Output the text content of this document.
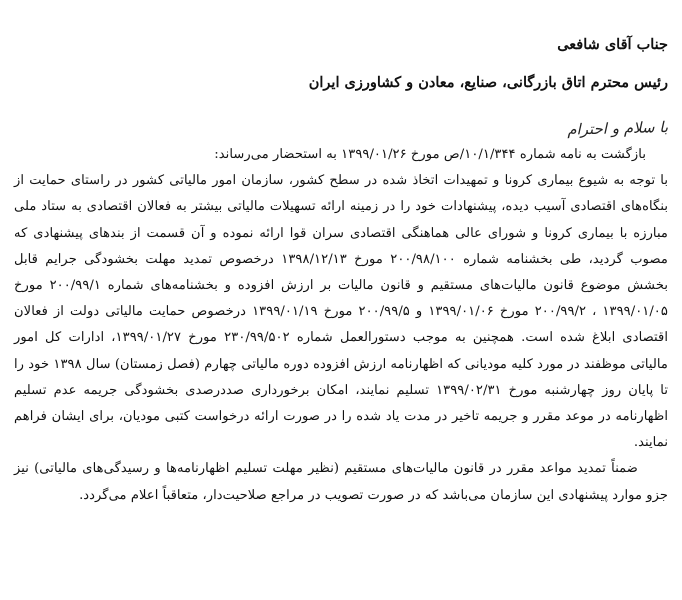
جناب آقای شافعی
رئیس محترم اتاق بازرگانی، صنایع، معادن و کشاورزی ایران
با سلام و احترام

بازگشت به نامه شماره ۱۰/۱/۳۴۴/ص مورخ ۱۳۹۹/۰۱/۲۶ به استحضار می‌رساند:

با توجه به شیوع بیماری کرونا و تمهیدات اتخاذ شده در سطح کشور، سازمان امور مالیاتی کشور در راستای حمایت از بنگاه‌های اقتصادی آسیب دیده، پیشنهادات خود را در زمینه ارائه تسهیلات مالیاتی بیشتر به فعالان اقتصادی به ستاد ملی مبارزه با بیماری کرونا و شورای عالی هماهنگی اقتصادی سران قوا ارائه نموده و آن قسمت از بندهای پیشنهادی که مصوب گردید، طی بخشنامه شماره ۲۰۰/۹۸/۱۰۰ مورخ ۱۳۹۸/۱۲/۱۳ درخصوص تمدید مهلت بخشودگی جرایم قابل بخشش موضوع قانون مالیات‌های مستقیم و قانون مالیات بر ارزش افزوده و بخشنامه‌های شماره ۲۰۰/۹۹/۱ مورخ ۱۳۹۹/۰۱/۰۵ ، ۲۰۰/۹۹/۲ مورخ ۱۳۹۹/۰۱/۰۶ و ۲۰۰/۹۹/۵ مورخ ۱۳۹۹/۰۱/۱۹ درخصوص حمایت مالیاتی دولت از فعالان اقتصادی ابلاغ شده است. همچنین به موجب دستورالعمل شماره ۲۳۰/۹۹/۵۰۲ مورخ ۱۳۹۹/۰۱/۲۷، ادارات کل امور مالیاتی موظفند در مورد کلیه مودیانی که اظهارنامه ارزش افزوده دوره مالیاتی چهارم (فصل زمستان) سال ۱۳۹۸ خود را تا پایان روز چهارشنبه مورخ ۱۳۹۹/۰۲/۳۱ تسلیم نمایند، امکان برخورداری صددرصدی بخشودگی جریمه عدم تسلیم اظهارنامه در موعد مقرر و جریمه تاخیر در مدت یاد شده را در صورت ارائه درخواست کتبی مودیان، برای ایشان فراهم نمایند.

ضمناً تمدید مواعد مقرر در قانون مالیات‌های مستقیم (نظیر مهلت تسلیم اظهارنامه‌ها و رسیدگی‌های مالیاتی) نیز جزو موارد پیشنهادی این سازمان می‌باشد که در صورت تصویب در مراجع صلاحیت‌دار، متعاقباً اعلام می‌گردد.
